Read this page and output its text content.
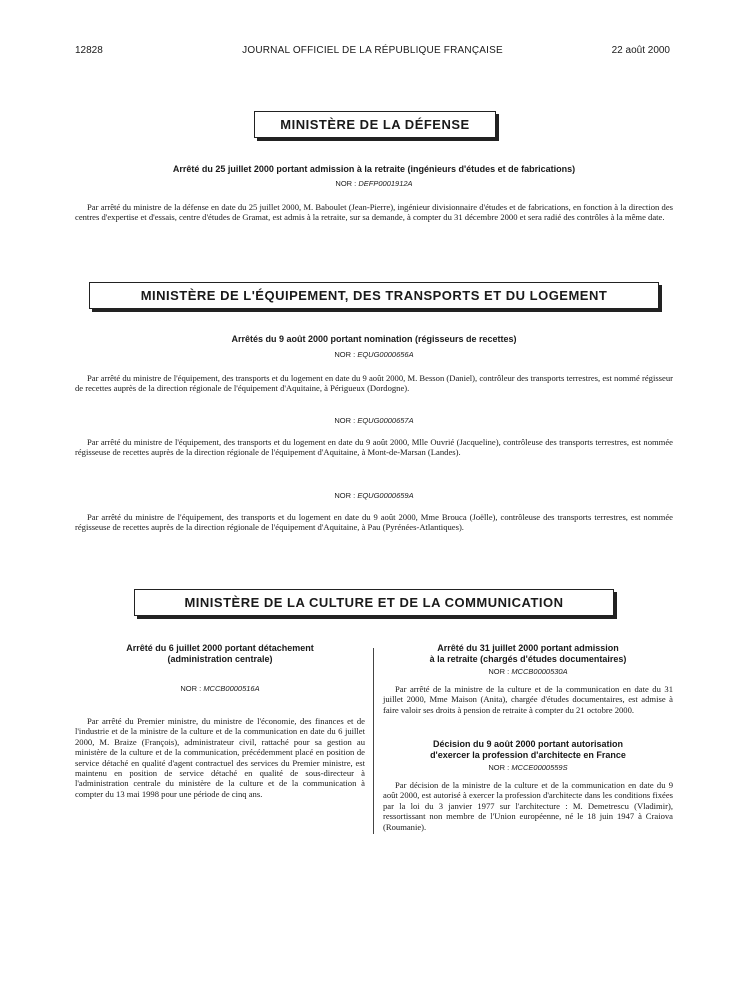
12828	JOURNAL OFFICIEL DE LA RÉPUBLIQUE FRANÇAISE	22 août 2000
MINISTÈRE DE LA DÉFENSE
Arrêté du 25 juillet 2000 portant admission à la retraite (ingénieurs d'études et de fabrications)
NOR : DEFP0001912A

Par arrêté du ministre de la défense en date du 25 juillet 2000, M. Baboulet (Jean-Pierre), ingénieur divisionnaire d'études et de fabrications, en fonction à la direction des centres d'expertise et d'essais, centre d'études de Gramat, est admis à la retraite, sur sa demande, à compter du 31 décembre 2000 et sera radié des contrôles à la même date.

MINISTÈRE DE L'ÉQUIPEMENT, DES TRANSPORTS ET DU LOGEMENT
Arrêtés du 9 août 2000 portant nomination (régisseurs de recettes)
NOR : EQUG0000656A

Par arrêté du ministre de l'équipement, des transports et du logement en date du 9 août 2000, M. Besson (Daniel), contrôleur des transports terrestres, est nommé régisseur de recettes auprès de la direction régionale de l'équipement d'Aquitaine, à Périgueux (Dordogne).

NOR : EQUG0000657A

Par arrêté du ministre de l'équipement, des transports et du logement en date du 9 août 2000, Mlle Ouvrié (Jacqueline), contrôleuse des transports terrestres, est nommée régisseuse de recettes auprès de la direction régionale de l'équipement d'Aquitaine, à Mont-de-Marsan (Landes).

NOR : EQUG0000659A

Par arrêté du ministre de l'équipement, des transports et du logement en date du 9 août 2000, Mme Brouca (Joëlle), contrôleuse des transports terrestres, est nommée régisseuse de recettes auprès de la direction régionale de l'équipement d'Aquitaine, à Pau (Pyrénées-Atlantiques).

MINISTÈRE DE LA CULTURE ET DE LA COMMUNICATION
Arrêté du 6 juillet 2000 portant détachement
(administration centrale)
NOR : MCCB0000516A

Par arrêté du Premier ministre, du ministre de l'économie, des finances et de l'industrie et de la ministre de la culture et de la communication en date du 6 juillet 2000, M. Braize (François), administrateur civil, rattaché pour sa gestion au ministère de la culture et de la communication, précédemment placé en position de service détaché en qualité d'agent contractuel des services du Premier ministre, est maintenu en position de service détaché en qualité de sous-directeur à l'administration centrale du ministère de la culture et de la communication à compter du 13 mai 1998 pour une période de cinq ans.

Arrêté du 31 juillet 2000 portant admission
à la retraite (chargés d'études documentaires)
NOR : MCCB0000530A

Par arrêté de la ministre de la culture et de la communication en date du 31 juillet 2000, Mme Maison (Anita), chargée d'études documentaires, est admise à faire valoir ses droits à pension de retraite à compter du 21 octobre 2000.

Décision du 9 août 2000 portant autorisation
d'exercer la profession d'architecte en France
NOR : MCCE0000559S

Par décision de la ministre de la culture et de la communication en date du 9 août 2000, est autorisé à exercer la profession d'architecte dans les conditions fixées par la loi du 3 janvier 1977 sur l'architecture : M. Demetrescu (Vladimir), ressortissant non membre de l'Union européenne, né le 18 juin 1947 à Craiova (Roumanie).
